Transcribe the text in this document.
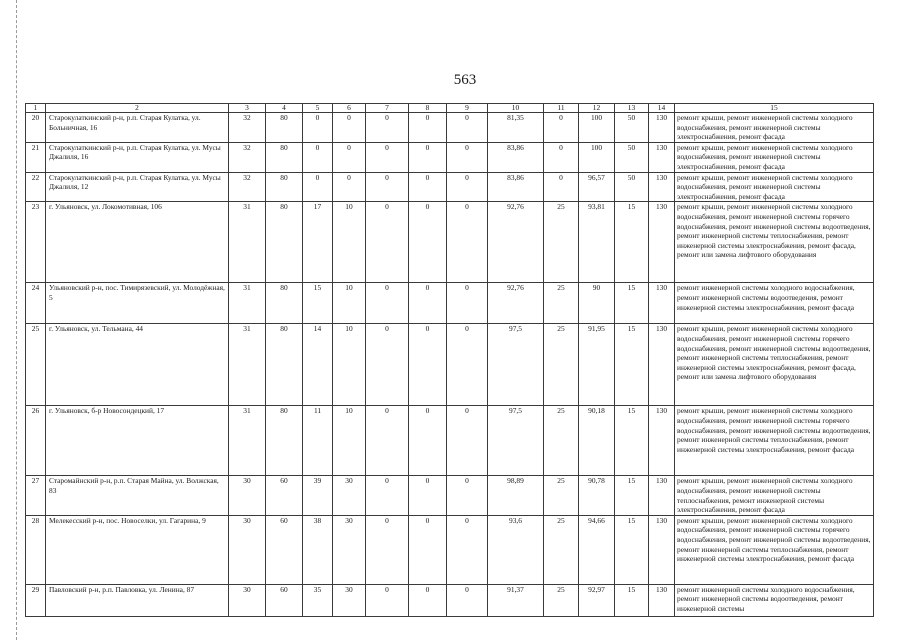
563
1	2	3	4	5	6	7	8	9	10	11	12	13	14	15
20	Старокулаткинский р-н, р.п. Старая Кулатка, ул. Больничная, 16	32	80	0	0	0	0	0	81,35	0	100	50	130	ремонт крыши, ремонт инженерной системы холодного водоснабжения, ремонт инженерной системы электроснабжения, ремонт фасада
21	Старокулаткинский р-н, р.п. Старая Кулатка, ул. Мусы Джалиля, 16	32	80	0	0	0	0	0	83,86	0	100	50	130	ремонт крыши, ремонт инженерной системы холодного водоснабжения, ремонт инженерной системы электроснабжения, ремонт фасада
22	Старокулаткинский р-н, р.п. Старая Кулатка, ул. Мусы Джалиля, 12	32	80	0	0	0	0	0	83,86	0	96,57	50	130	ремонт крыши, ремонт инженерной системы холодного водоснабжения, ремонт инженерной системы электроснабжения, ремонт фасада
23	г. Ульяновск, ул. Локомотивная, 106	31	80	17	10	0	0	0	92,76	25	93,81	15	130	ремонт крыши, ремонт инженерной системы холодного водоснабжения, ремонт инженерной системы горячего водоснабжения, ремонт инженерной системы водоотведения, ремонт инженерной системы теплоснабжения, ремонт инженерной системы электроснабжения, ремонт фасада, ремонт или замена лифтового оборудования
24	Ульяновский р-н, пос. Тимирязевский, ул. Молодёжная, 5	31	80	15	10	0	0	0	92,76	25	90	15	130	ремонт инженерной системы холодного водоснабжения, ремонт инженерной системы водоотведения, ремонт инженерной системы электроснабжения, ремонт фасада
25	г. Ульяновск, ул. Тельмана, 44	31	80	14	10	0	0	0	97,5	25	91,95	15	130	ремонт крыши, ремонт инженерной системы холодного водоснабжения, ремонт инженерной системы горячего водоснабжения, ремонт инженерной системы водоотведения, ремонт инженерной системы теплоснабжения, ремонт инженерной системы электроснабжения, ремонт фасада, ремонт или замена лифтового оборудования
26	г. Ульяновск, б-р Новосондецкий, 17	31	80	11	10	0	0	0	97,5	25	90,18	15	130	ремонт крыши, ремонт инженерной системы холодного водоснабжения, ремонт инженерной системы горячего водоснабжения, ремонт инженерной системы водоотведения, ремонт инженерной системы теплоснабжения, ремонт инженерной системы электроснабжения, ремонт фасада
27	Старомайнский р-н, р.п. Старая Майна, ул. Волжская, 83	30	60	39	30	0	0	0	98,89	25	90,78	15	130	ремонт крыши, ремонт инженерной системы холодного водоснабжения, ремонт инженерной системы теплоснабжения, ремонт инженерной системы электроснабжения, ремонт фасада
28	Мелекесский р-н, пос. Новоселки, ул. Гагарина, 9	30	60	38	30	0	0	0	93,6	25	94,66	15	130	ремонт крыши, ремонт инженерной системы холодного водоснабжения, ремонт инженерной системы горячего водоснабжения, ремонт инженерной системы водоотведения, ремонт инженерной системы теплоснабжения, ремонт инженерной системы электроснабжения, ремонт фасада
29	Павловский р-н, р.п. Павловка, ул. Ленина, 87	30	60	35	30	0	0	0	91,37	25	92,97	15	130	ремонт инженерной системы холодного водоснабжения, ремонт инженерной системы водоотведения, ремонт инженерной системы
